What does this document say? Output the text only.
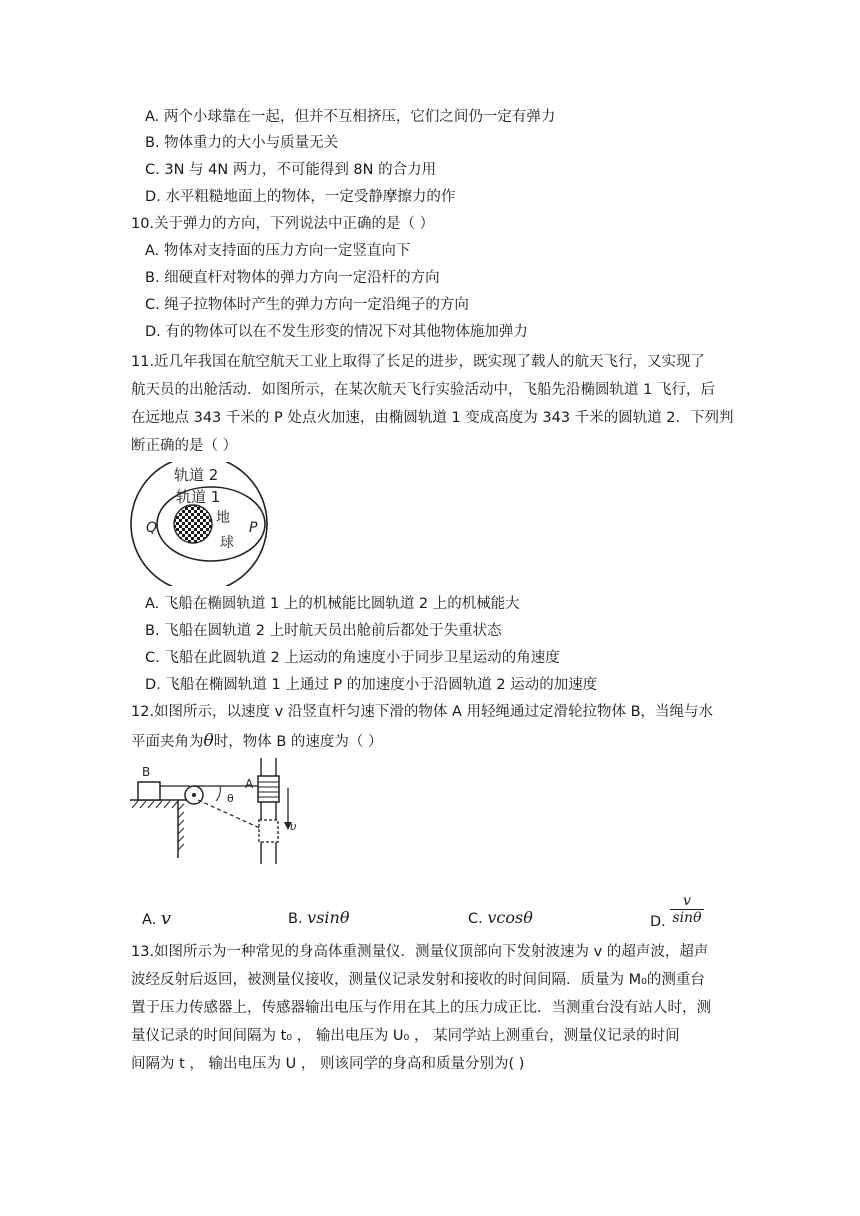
A. 两个小球靠在一起，但并不互相挤压，它们之间仍一定有弹力
B. 物体重力的大小与质量无关
C. 3N 与 4N 两力，不可能得到 8N 的合力用
D. 水平粗糙地面上的物体，一定受静摩擦力的作
10.关于弹力的方向，下列说法中正确的是（ ）
A. 物体对支持面的压力方向一定竖直向下
B. 细硬直杆对物体的弹力方向一定沿杆的方向
C. 绳子拉物体时产生的弹力方向一定沿绳子的方向
D. 有的物体可以在不发生形变的情况下对其他物体施加弹力
11.近几年我国在航空航天工业上取得了长足的进步，既实现了载人的航天飞行，又实现了
航天员的出舱活动．如图所示，在某次航天飞行实验活动中，飞船先沿椭圆轨道 1 飞行，后
在远地点 343 千米的 P 处点火加速，由椭圆轨道 1 变成高度为 343 千米的圆轨道 2．下列判
断正确的是（ ）
轨道 2
轨道 1
Q	P
地
球
A. 飞船在椭圆轨道 1 上的机械能比圆轨道 2 上的机械能大
B. 飞船在圆轨道 2 上时航天员出舱前后都处于失重状态
C. 飞船在此圆轨道 2 上运动的角速度小于同步卫星运动的角速度
D. 飞船在椭圆轨道 1 上通过 P 的加速度小于沿圆轨道 2 运动的加速度
12.如图所示，以速度 v 沿竖直杆匀速下滑的物体 A 用轻绳通过定滑轮拉物体 B，当绳与水
平面夹角为θ时，物体 B 的速度为（ ）
B
θ
A
υ
A. v	B. vsinθ	C. vcosθ	D. $\frac{v}{\sin\theta}$
13.如图所示为一种常见的身高体重测量仪．测量仪顶部向下发射波速为 v 的超声波，超声
波经反射后返回，被测量仪接收，测量仪记录发射和接收的时间间隔．质量为 M₀的测重台
置于压力传感器上，传感器输出电压与作用在其上的压力成正比．当测重台没有站人时，测
量仪记录的时间间隔为 t₀ ， 输出电压为 U₀ ， 某同学站上测重台，测量仪记录的时间
间隔为 t ， 输出电压为 U ， 则该同学的身高和质量分别为( )
